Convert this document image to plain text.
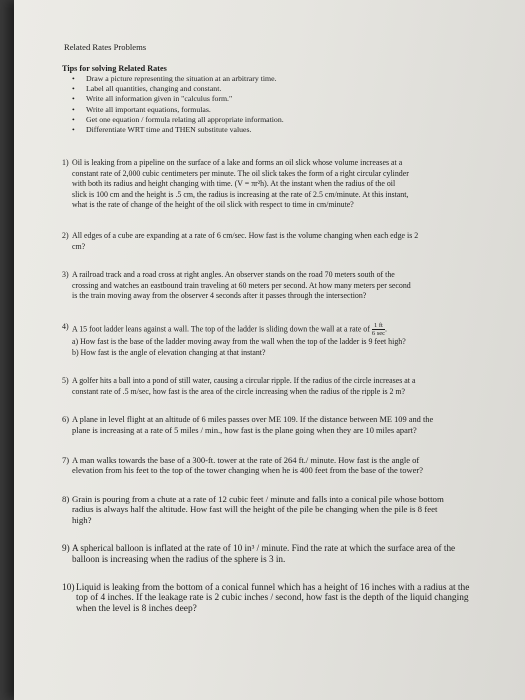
Related Rates Problems
Tips for solving Related Rates
• Draw a picture representing the situation at an arbitrary time.
• Label all quantities, changing and constant.
• Write all information given in "calculus form."
• Write all important equations, formulas.
• Get one equation / formula relating all appropriate information.
• Differentiate WRT time and THEN substitute values.
1) Oil is leaking from a pipeline on the surface of a lake and forms an oil slick whose volume increases at a
constant rate of 2,000 cubic centimeters per minute. The oil slick takes the form of a right circular cylinder
with both its radius and height changing with time. (V = πr²h). At the instant when the radius of the oil
slick is 100 cm and the height is .5 cm, the radius is increasing at the rate of 2.5 cm/minute. At this instant,
what is the rate of change of the height of the oil slick with respect to time in cm/minute?
2) All edges of a cube are expanding at a rate of 6 cm/sec. How fast is the volume changing when each edge is 2
cm?
3) A railroad track and a road cross at right angles. An observer stands on the road 70 meters south of the
crossing and watches an eastbound train traveling at 60 meters per second. At how many meters per second
is the train moving away from the observer 4 seconds after it passes through the intersection?
4) A 15 foot ladder leans against a wall. The top of the ladder is sliding down the wall at a rate of $\frac{1 ft}{6 \sec}$ .
a) How fast is the base of the ladder moving away from the wall when the top of the ladder is 9 feet high?
b) How fast is the angle of elevation changing at that instant?
5) A golfer hits a ball into a pond of still water, causing a circular ripple. If the radius of the circle increases at a
constant rate of .5 m/sec, how fast is the area of the circle increasing when the radius of the ripple is 2 m?
6) A plane in level flight at an altitude of 6 miles passes over ME 109. If the distance between ME 109 and the
plane is increasing at a rate of 5 miles / min., how fast is the plane going when they are 10 miles apart?
7) A man walks towards the base of a 300-ft. tower at the rate of 264 ft./ minute. How fast is the angle of
elevation from his feet to the top of the tower changing when he is 400 feet from the base of the tower?
8) Grain is pouring from a chute at a rate of 12 cubic feet / minute and falls into a conical pile whose bottom
radius is always half the altitude. How fast will the height of the pile be changing when the pile is 8 feet
high?
9) A spherical balloon is inflated at the rate of 10 in³ / minute. Find the rate at which the surface area of the
balloon is increasing when the radius of the sphere is 3 in.
10) Liquid is leaking from the bottom of a conical funnel which has a height of 16 inches with a radius at the
top of 4 inches. If the leakage rate is 2 cubic inches / second, how fast is the depth of the liquid changing
when the level is 8 inches deep?
